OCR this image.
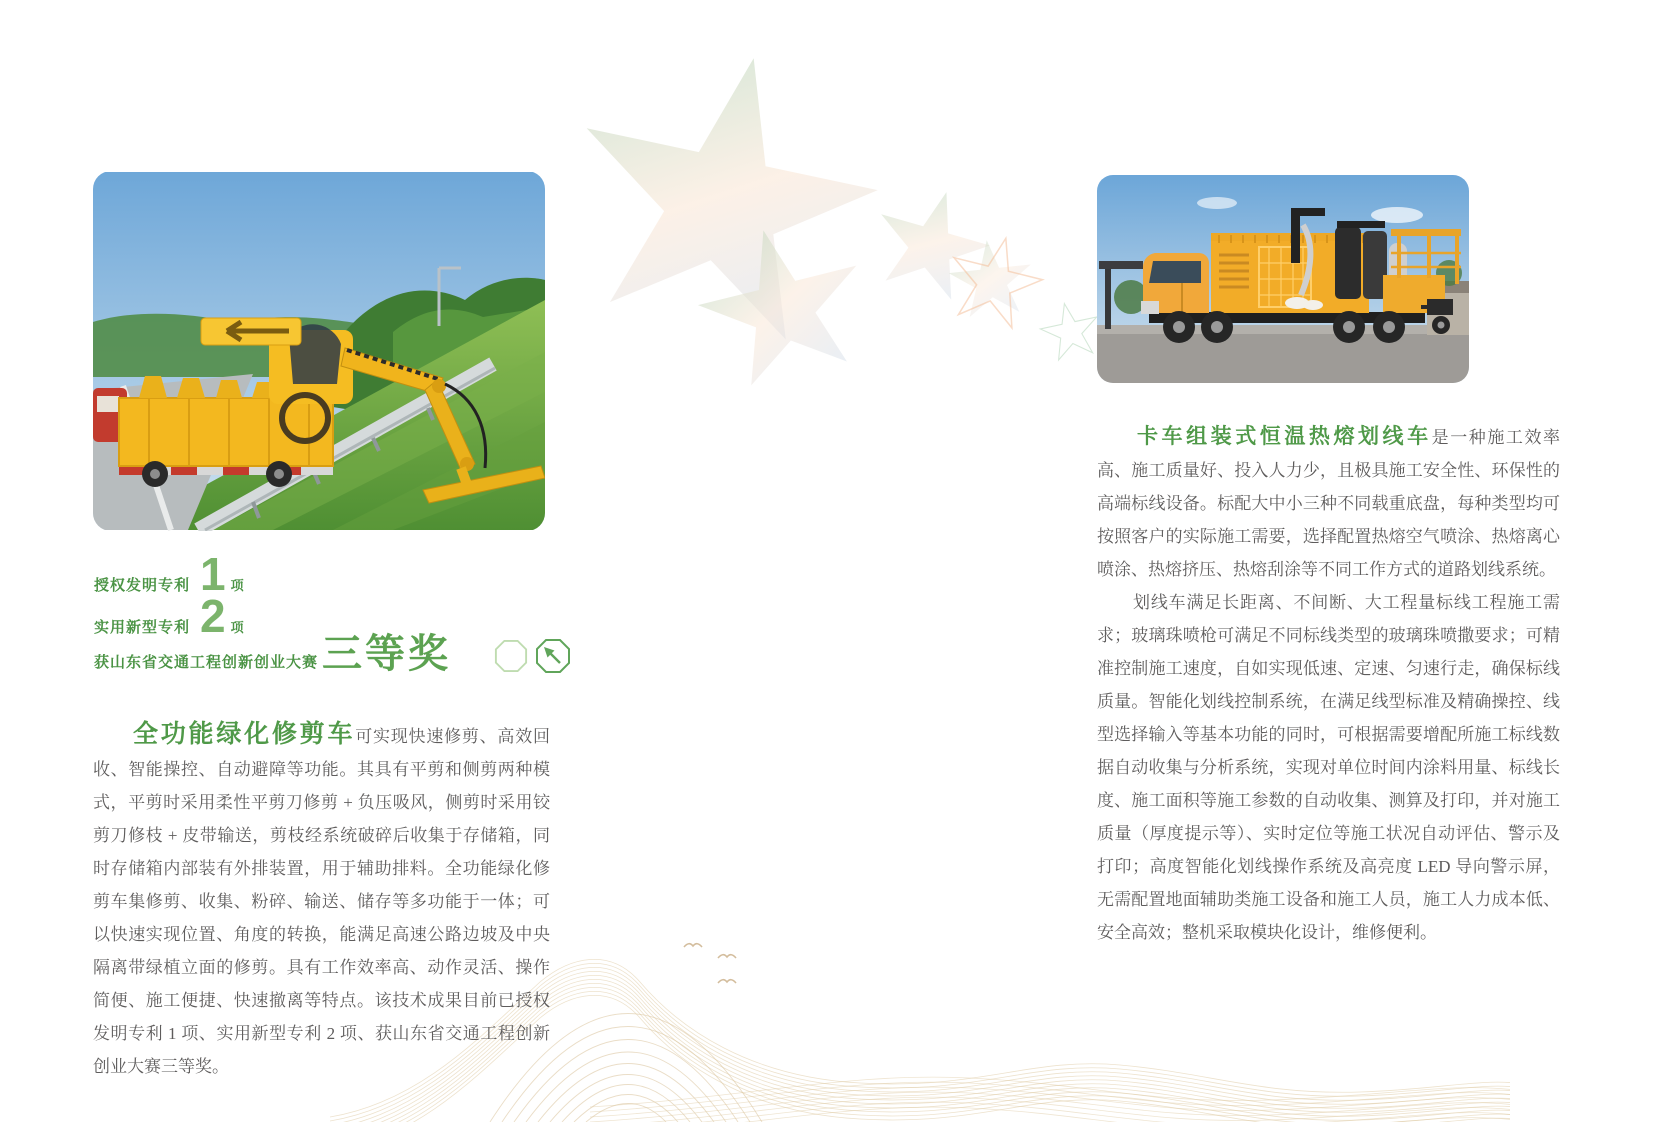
授权发明专利 1 项
实用新型专利 2 项
获山东省交通工程创新创业大赛 三等奖

全功能绿化修剪车可实现快速修剪、高效回收、智能操控、自动避障等功能。其具有平剪和侧剪两种模式，平剪时采用柔性平剪刀修剪 + 负压吸风，侧剪时采用铰剪刀修枝 + 皮带输送，剪枝经系统破碎后收集于存储箱，同时存储箱内部装有外排装置，用于辅助排料。全功能绿化修剪车集修剪、收集、粉碎、输送、储存等多功能于一体；可以快速实现位置、角度的转换，能满足高速公路边坡及中央隔离带绿植立面的修剪。具有工作效率高、动作灵活、操作简便、施工便捷、快速撤离等特点。该技术成果目前已授权发明专利 1 项、实用新型专利 2 项、获山东省交通工程创新创业大赛三等奖。

卡车组装式恒温热熔划线车是一种施工效率高、施工质量好、投入人力少，且极具施工安全性、环保性的高端标线设备。标配大中小三种不同载重底盘，每种类型均可按照客户的实际施工需要，选择配置热熔空气喷涂、热熔离心喷涂、热熔挤压、热熔刮涂等不同工作方式的道路划线系统。

划线车满足长距离、不间断、大工程量标线工程施工需求；玻璃珠喷枪可满足不同标线类型的玻璃珠喷撒要求；可精准控制施工速度，自如实现低速、定速、匀速行走，确保标线质量。智能化划线控制系统，在满足线型标准及精确操控、线型选择输入等基本功能的同时，可根据需要增配所施工标线数据自动收集与分析系统，实现对单位时间内涂料用量、标线长度、施工面积等施工参数的自动收集、测算及打印，并对施工质量（厚度提示等）、实时定位等施工状况自动评估、警示及打印；高度智能化划线操作系统及高亮度 LED 导向警示屏，无需配置地面辅助类施工设备和施工人员，施工人力成本低、安全高效；整机采取模块化设计，维修便利。
